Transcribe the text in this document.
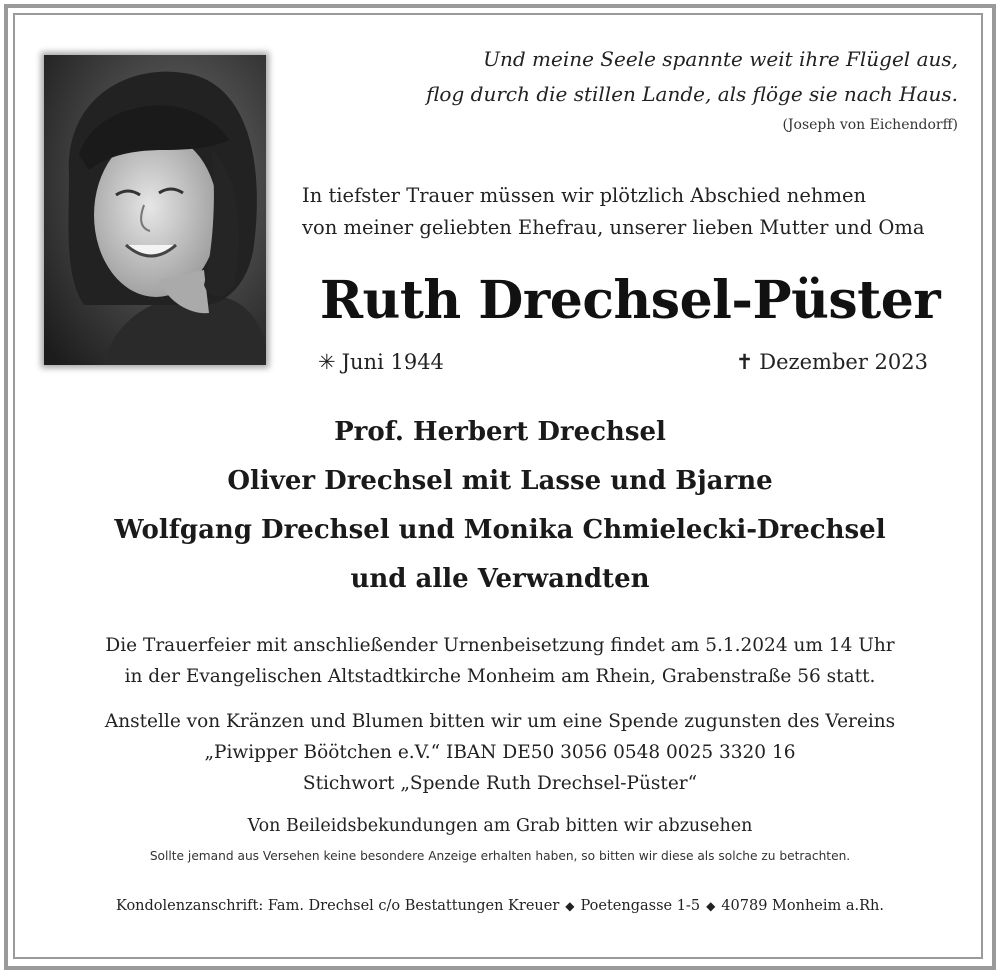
Und meine Seele spannte weit ihre Flügel aus,
flog durch die stillen Lande, als flöge sie nach Haus.
(Joseph von Eichendorff)
In tiefster Trauer müssen wir plötzlich Abschied nehmen
von meiner geliebten Ehefrau, unserer lieben Mutter und Oma
Ruth Drechsel-Püster
✳ Juni 1944	✝ Dezember 2023
Prof. Herbert Drechsel
Oliver Drechsel mit Lasse und Bjarne
Wolfgang Drechsel und Monika Chmielecki-Drechsel
und alle Verwandten
Die Trauerfeier mit anschließender Urnenbeisetzung findet am 5.1.2024 um 14 Uhr
in der Evangelischen Altstadtkirche Monheim am Rhein, Grabenstraße 56 statt.
Anstelle von Kränzen und Blumen bitten wir um eine Spende zugunsten des Vereins
„Piwipper Böötchen e.V.“ IBAN DE50 3056 0548 0025 3320 16
Stichwort „Spende Ruth Drechsel-Püster“
Von Beileidsbekundungen am Grab bitten wir abzusehen
Sollte jemand aus Versehen keine besondere Anzeige erhalten haben, so bitten wir diese als solche zu betrachten.
Kondolenzanschrift: Fam. Drechsel c/o Bestattungen Kreuer ◆ Poetengasse 1-5 ◆ 40789 Monheim a.Rh.
